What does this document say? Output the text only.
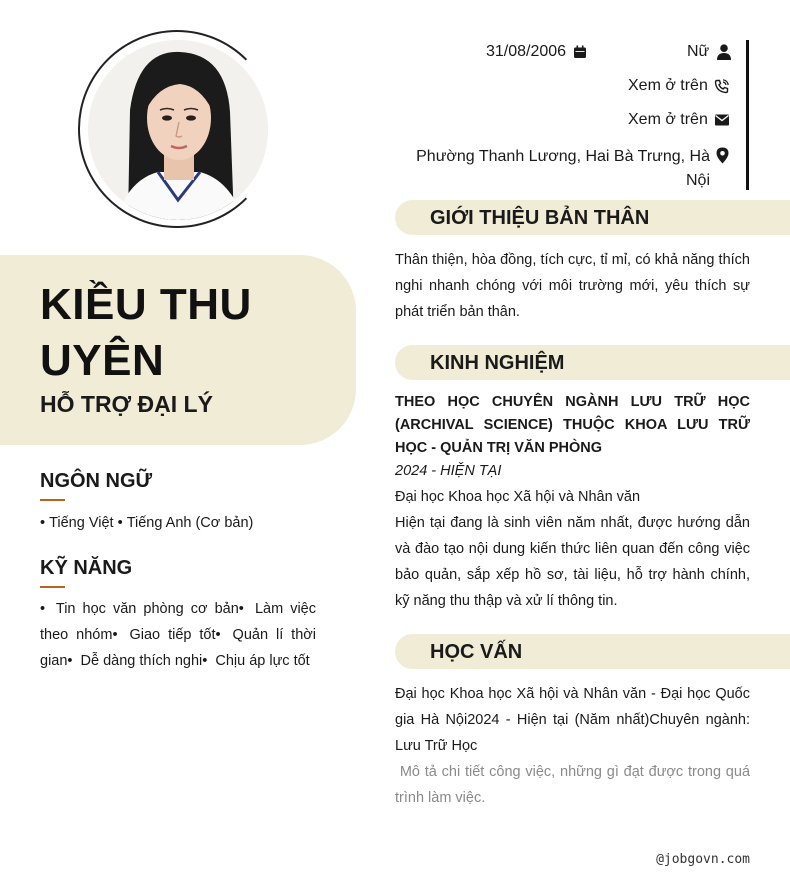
KIỀU THU
UYÊN
HỖ TRỢ ĐẠI LÝ
NGÔN NGỮ
• Tiếng Việt • Tiếng Anh (Cơ bản)
KỸ NĂNG
• Tin học văn phòng cơ bản• Làm việc theo nhóm• Giao tiếp tốt• Quản lí thời gian• Dễ dàng thích nghi• Chịu áp lực tốt
31/08/2006	Nữ
Xem ở trên
Xem ở trên
Phường Thanh Lương, Hai Bà Trưng, Hà Nội
GIỚI THIỆU BẢN THÂN
Thân thiện, hòa đồng, tích cực, tỉ mỉ, có khả năng thích nghi nhanh chóng với môi trường mới, yêu thích sự phát triển bản thân.
KINH NGHIỆM
THEO HỌC CHUYÊN NGÀNH LƯU TRỮ HỌC (ARCHIVAL SCIENCE) THUỘC KHOA LƯU TRỮ HỌC - QUẢN TRỊ VĂN PHÒNG
2024 - HIỆN TẠI
Đại học Khoa học Xã hội và Nhân văn
Hiện tại đang là sinh viên năm nhất, được hướng dẫn và đào tạo nội dung kiến thức liên quan đến công việc bảo quản, sắp xếp hồ sơ, tài liệu, hỗ trợ hành chính, kỹ năng thu thập và xử lí thông tin.
HỌC VẤN
Đại học Khoa học Xã hội và Nhân văn - Đại học Quốc gia Hà Nội2024 - Hiện tại (Năm nhất)Chuyên ngành: Lưu Trữ Học
Mô tả chi tiết công việc, những gì đạt được trong quá trình làm việc.
@jobgovn.com
